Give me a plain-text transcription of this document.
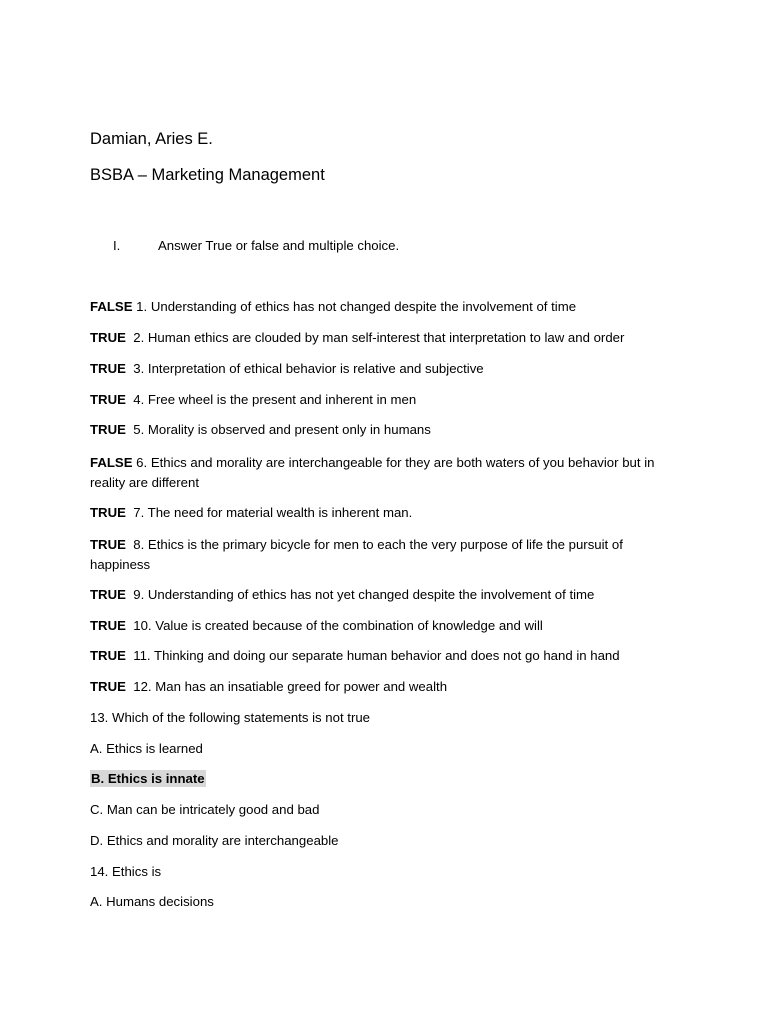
Damian, Aries E.
BSBA – Marketing Management
I.	Answer True or false and multiple choice.
FALSE 1. Understanding of ethics has not changed despite the involvement of time
TRUE 2. Human ethics are clouded by man self-interest that interpretation to law and order
TRUE 3. Interpretation of ethical behavior is relative and subjective
TRUE 4. Free wheel is the present and inherent in men
TRUE 5. Morality is observed and present only in humans
FALSE 6. Ethics and morality are interchangeable for they are both waters of you behavior but in reality are different
TRUE 7. The need for material wealth is inherent man.
TRUE 8. Ethics is the primary bicycle for men to each the very purpose of life the pursuit of happiness
TRUE 9. Understanding of ethics has not yet changed despite the involvement of time
TRUE 10. Value is created because of the combination of knowledge and will
TRUE 11. Thinking and doing our separate human behavior and does not go hand in hand
TRUE 12. Man has an insatiable greed for power and wealth
13. Which of the following statements is not true
A. Ethics is learned
B. Ethics is innate
C. Man can be intricately good and bad
D. Ethics and morality are interchangeable
14. Ethics is
A. Humans decisions
